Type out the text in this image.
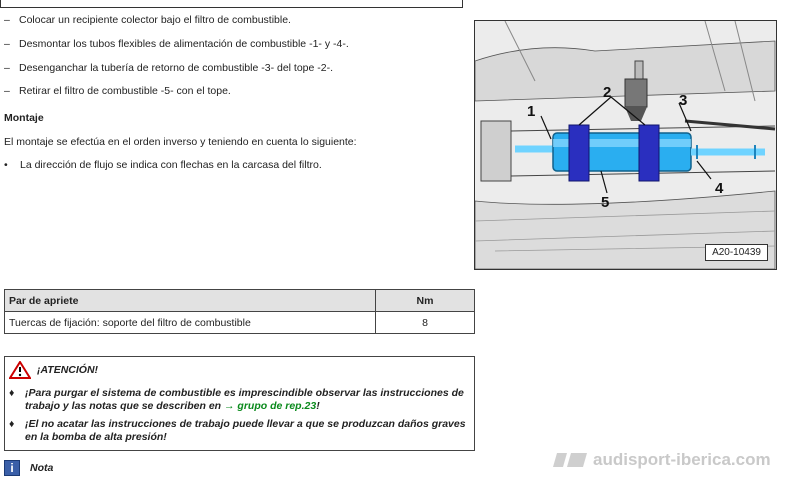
– Colocar un recipiente colector bajo el filtro de combustible.
– Desmontar los tubos flexibles de alimentación de combustible -1- y -4-.
– Desenganchar la tubería de retorno de combustible -3- del tope -2-.
– Retirar el filtro de combustible -5- con el tope.
Montaje
El montaje se efectúa en el orden inverso y teniendo en cuenta lo siguiente:
•	La dirección de flujo se indica con flechas en la carcasa del filtro.
1
2	3
4
5
A20-10439
Par de apriete	Nm
Tuercas de fijación: soporte del filtro de combustible	8
¡ATENCIÓN!
♦	¡Para purgar el sistema de combustible es imprescindible observar las instrucciones de trabajo y las notas que se describen en → grupo de rep.23!
♦	¡El no acatar las instrucciones de trabajo puede llevar a que se produzcan daños graves en la bomba de alta presión!
i	Nota	audisport-iberica.com
